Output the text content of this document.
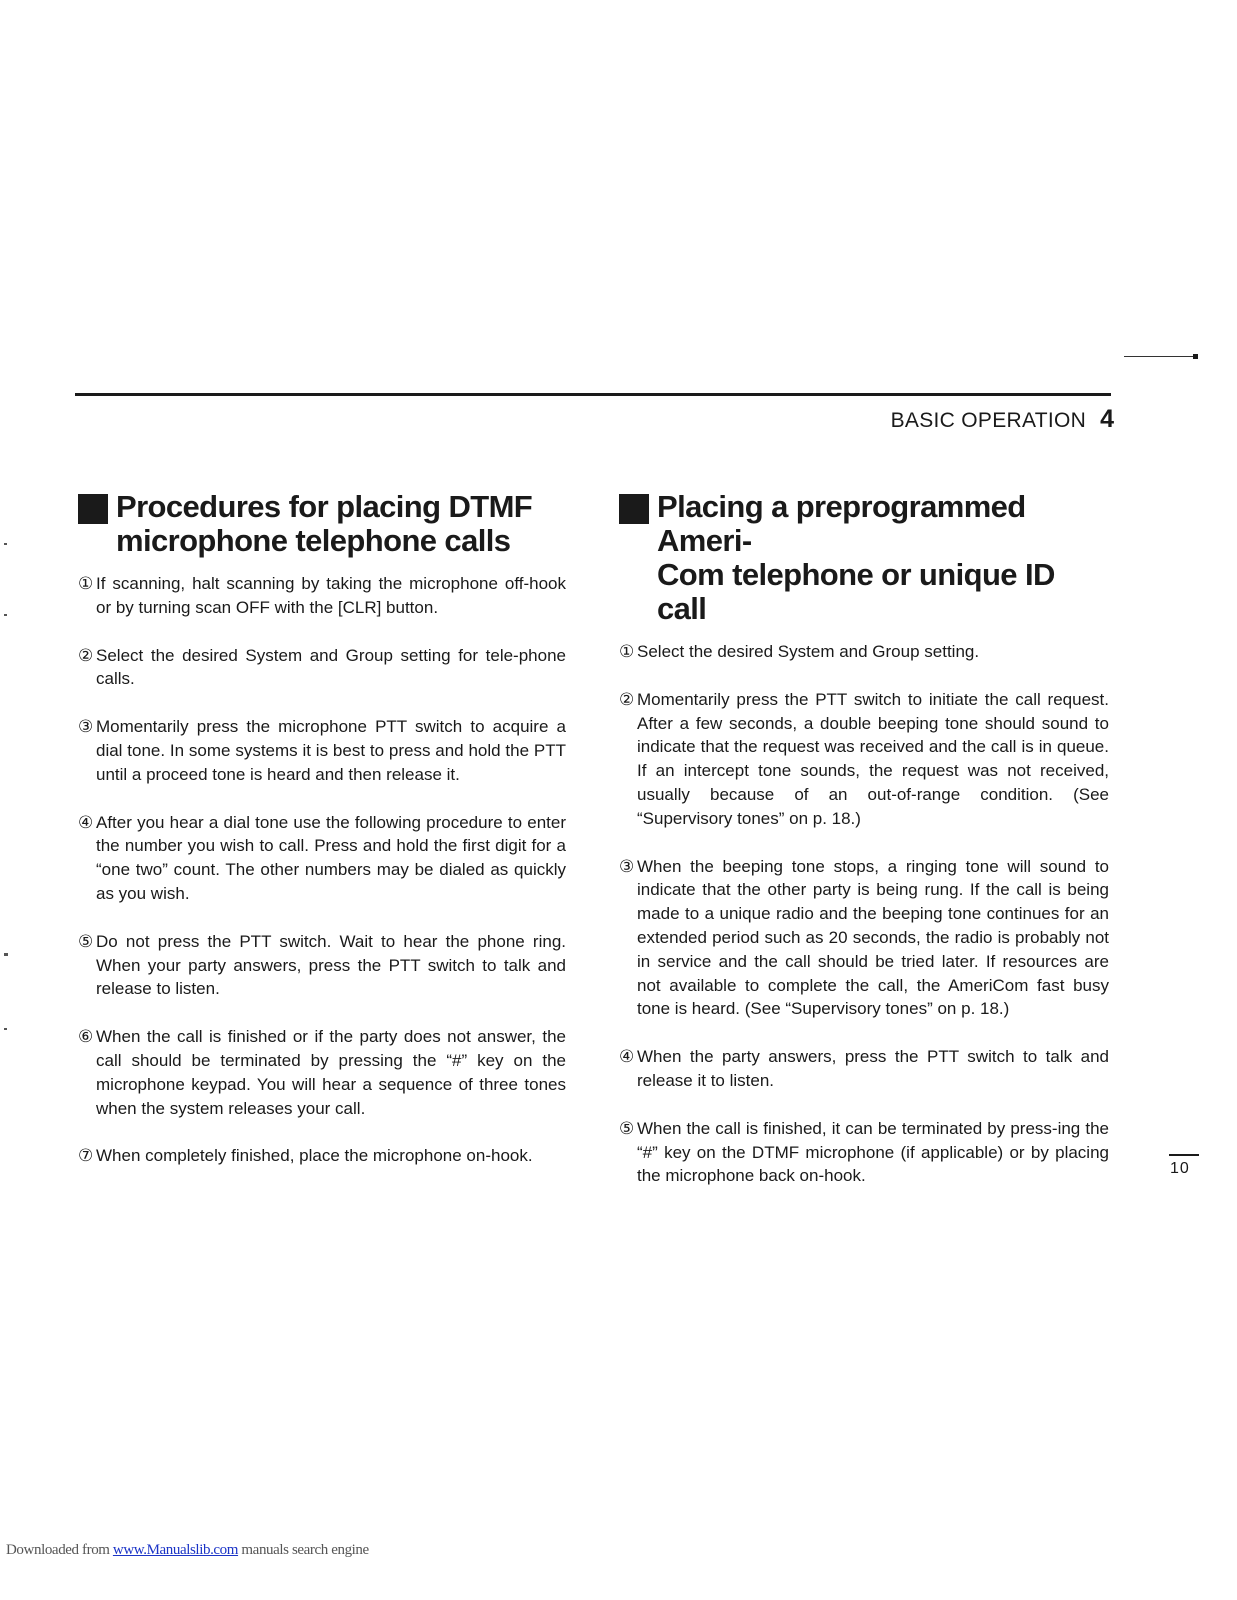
BASIC OPERATION 4
Procedures for placing DTMF
microphone telephone calls
① If scanning, halt scanning by taking the microphone off-hook or by turning scan OFF with the [CLR] button.
② Select the desired System and Group setting for tele-phone calls.
③ Momentarily press the microphone PTT switch to acquire a dial tone. In some systems it is best to press and hold the PTT until a proceed tone is heard and then release it.
④ After you hear a dial tone use the following procedure to enter the number you wish to call. Press and hold the first digit for a “one two” count. The other numbers may be dialed as quickly as you wish.
⑤ Do not press the PTT switch. Wait to hear the phone ring. When your party answers, press the PTT switch to talk and release to listen.
⑥ When the call is finished or if the party does not answer, the call should be terminated by pressing the “#” key on the microphone keypad. You will hear a sequence of three tones when the system releases your call.
⑦ When completely finished, place the microphone on-hook.
Placing a preprogrammed Ameri-
Com telephone or unique ID call
① Select the desired System and Group setting.
② Momentarily press the PTT switch to initiate the call request. After a few seconds, a double beeping tone should sound to indicate that the request was received and the call is in queue. If an intercept tone sounds, the request was not received, usually because of an out-of-range condition. (See “Supervisory tones” on p. 18.)
③ When the beeping tone stops, a ringing tone will sound to indicate that the other party is being rung. If the call is being made to a unique radio and the beeping tone continues for an extended period such as 20 seconds, the radio is probably not in service and the call should be tried later. If resources are not available to complete the call, the AmeriCom fast busy tone is heard. (See “Supervisory tones” on p. 18.)
④ When the party answers, press the PTT switch to talk and release it to listen.
⑤ When the call is finished, it can be terminated by press-ing the “#” key on the DTMF microphone (if applicable) or by placing the microphone back on-hook.	10
Downloaded from www.Manualslib.com manuals search engine
